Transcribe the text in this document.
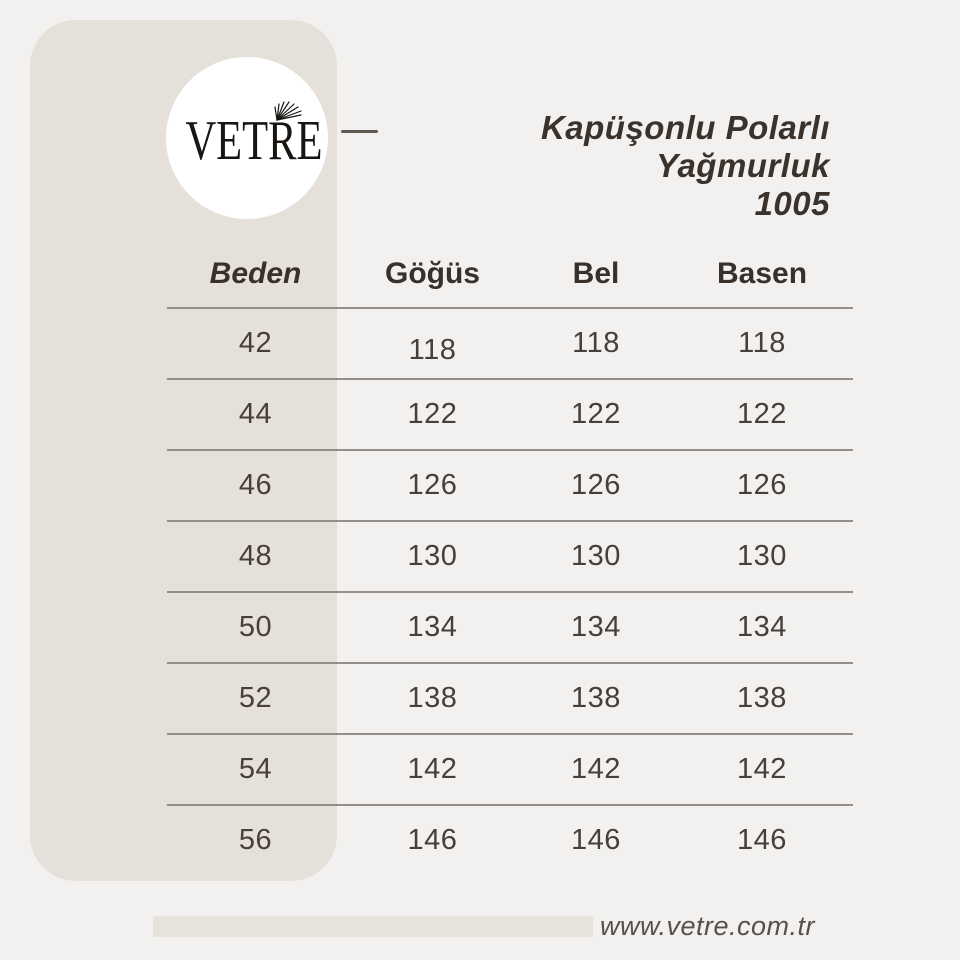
VETRE	Kapüşonlu Polarlı Yağmurluk
1005
Beden	Göğüs	Bel	Basen
42	118	118	118
44	122	122	122
46	126	126	126
48	130	130	130
50	134	134	134
52	138	138	138
54	142	142	142
56	146	146	146
www.vetre.com.tr
